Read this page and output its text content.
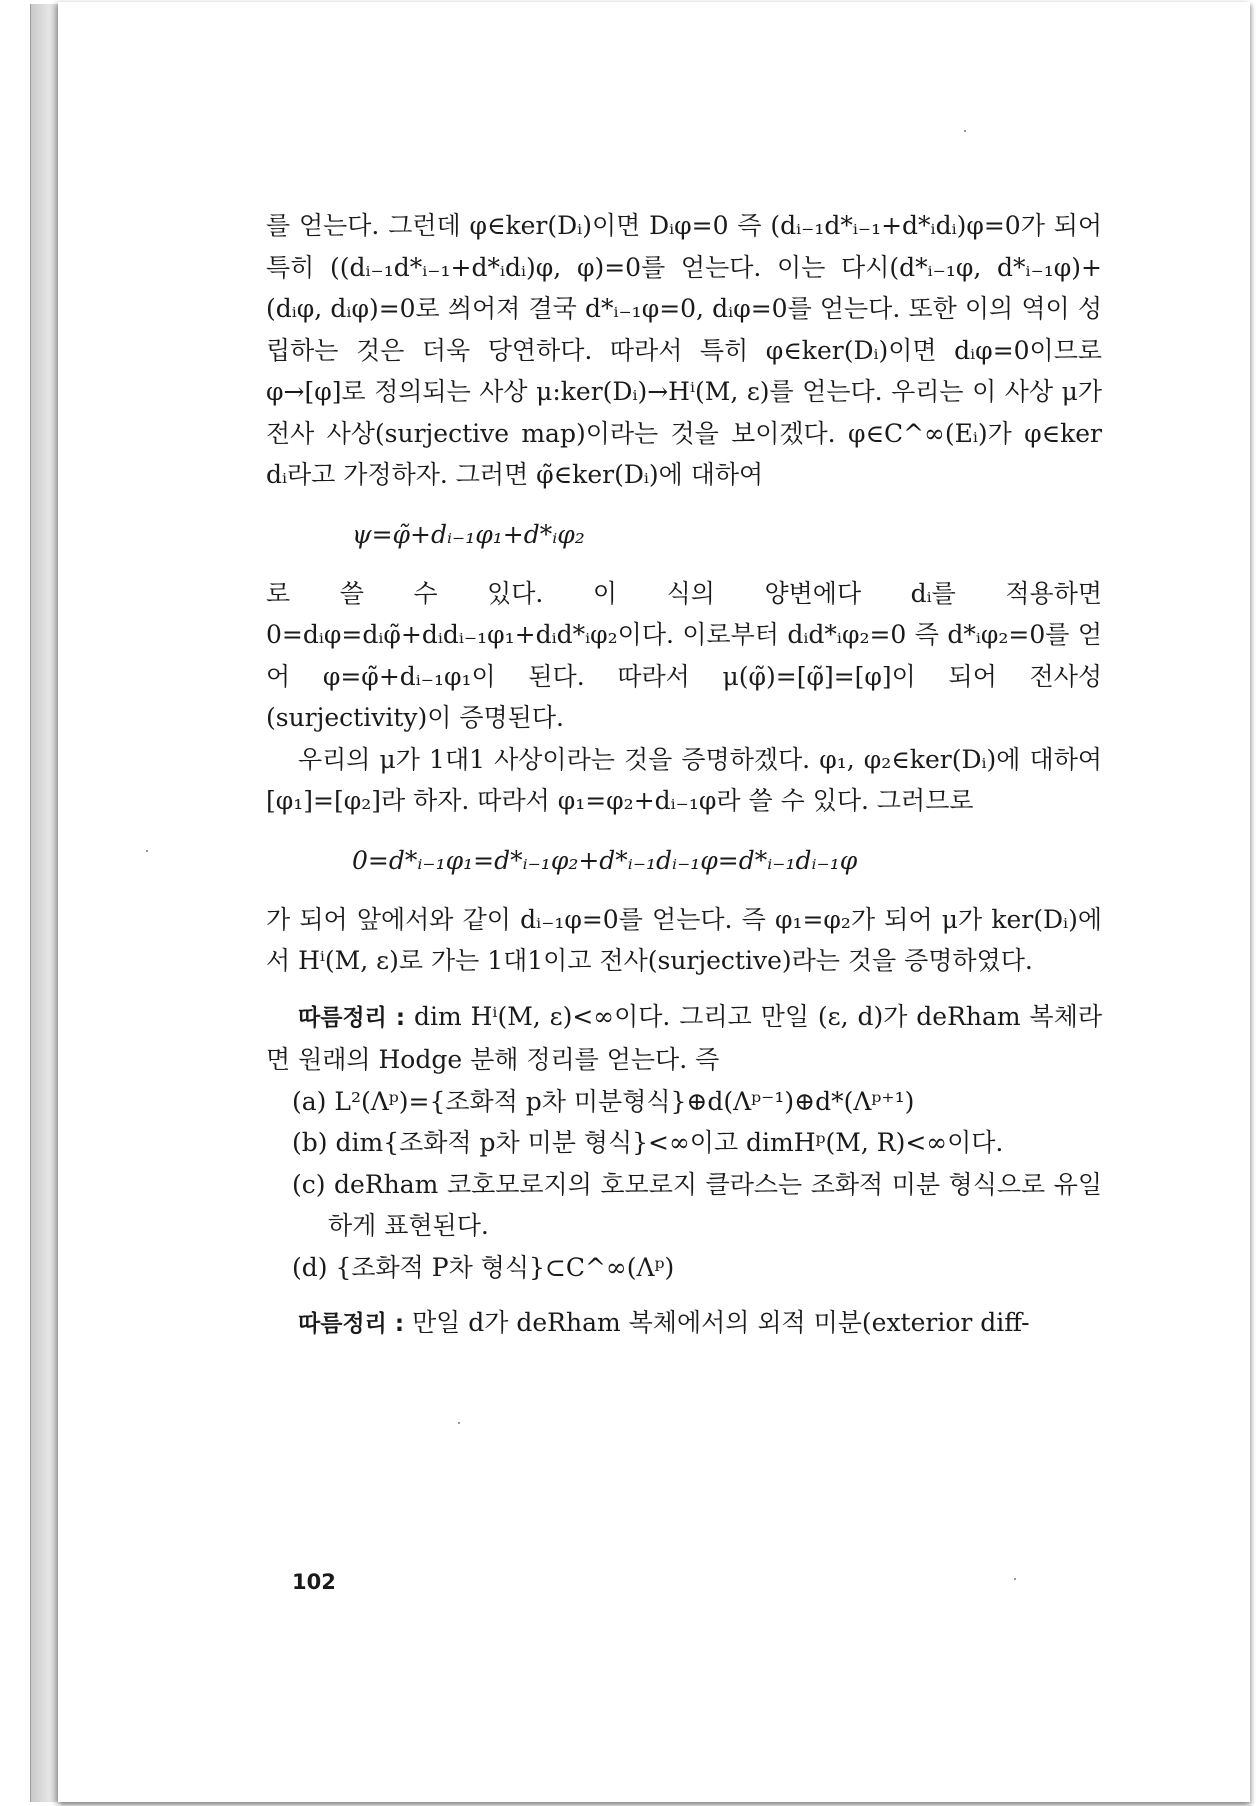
를 얻는다. 그런데 φ∈ker(Dᵢ)이면 Dᵢφ=0 즉 (dᵢ₋₁d*ᵢ₋₁+d*ᵢdᵢ)φ=0가 되어 특히 ((dᵢ₋₁d*ᵢ₋₁+d*ᵢdᵢ)φ, φ)=0를 얻는다. 이는 다시(d*ᵢ₋₁φ, d*ᵢ₋₁φ)+(dᵢφ, dᵢφ)=0로 씌어져 결국 d*ᵢ₋₁φ=0, dᵢφ=0를 얻는다. 또한 이의 역이 성립하는 것은 더욱 당연하다. 따라서 특히 φ∈ker(Dᵢ)이면 dᵢφ=0이므로 φ→[φ]로 정의되는 사상 μ:ker(Dᵢ)→Hⁱ(M, ε)를 얻는다. 우리는 이 사상 μ가 전사 사상(surjective map)이라는 것을 보이겠다. φ∈C^∞(Eᵢ)가 φ∈ker dᵢ라고 가정하자. 그러면 φ̃∈ker(Dᵢ)에 대하여

ψ=φ̃+dᵢ₋₁φ₁+d*ᵢφ₂

로 쓸 수 있다. 이 식의 양변에다 dᵢ를 적용하면 0=dᵢφ=dᵢφ̃+dᵢdᵢ₋₁φ₁+dᵢd*ᵢφ₂이다. 이로부터 dᵢd*ᵢφ₂=0 즉 d*ᵢφ₂=0를 얻어 φ=φ̃+dᵢ₋₁φ₁이 된다. 따라서 μ(φ̃)=[φ̃]=[φ]이 되어 전사성(surjectivity)이 증명된다.

우리의 μ가 1대1 사상이라는 것을 증명하겠다. φ₁, φ₂∈ker(Dᵢ)에 대하여 [φ₁]=[φ₂]라 하자. 따라서 φ₁=φ₂+dᵢ₋₁φ라 쓸 수 있다. 그러므로

0=d*ᵢ₋₁φ₁=d*ᵢ₋₁φ₂+d*ᵢ₋₁dᵢ₋₁φ=d*ᵢ₋₁dᵢ₋₁φ

가 되어 앞에서와 같이 dᵢ₋₁φ=0를 얻는다. 즉 φ₁=φ₂가 되어 μ가 ker(Dᵢ)에서 Hⁱ(M, ε)로 가는 1대1이고 전사(surjective)라는 것을 증명하였다.

따름정리 : dim Hⁱ(M, ε)<∞이다. 그리고 만일 (ε, d)가 deRham 복체라면 원래의 Hodge 분해 정리를 얻는다. 즉

(a) L²(Λᵖ)={조화적 p차 미분형식}⊕d(Λᵖ⁻¹)⊕d*(Λᵖ⁺¹)

(b) dim{조화적 p차 미분 형식}<∞이고 dimHᵖ(M, R)<∞이다.

(c) deRham 코호모로지의 호모로지 클라스는 조화적 미분 형식으로 유일하게 표현된다.

(d) {조화적 P차 형식}⊂C^∞(Λᵖ)

따름정리 : 만일 d가 deRham 복체에서의 외적 미분(exterior diff-

102
